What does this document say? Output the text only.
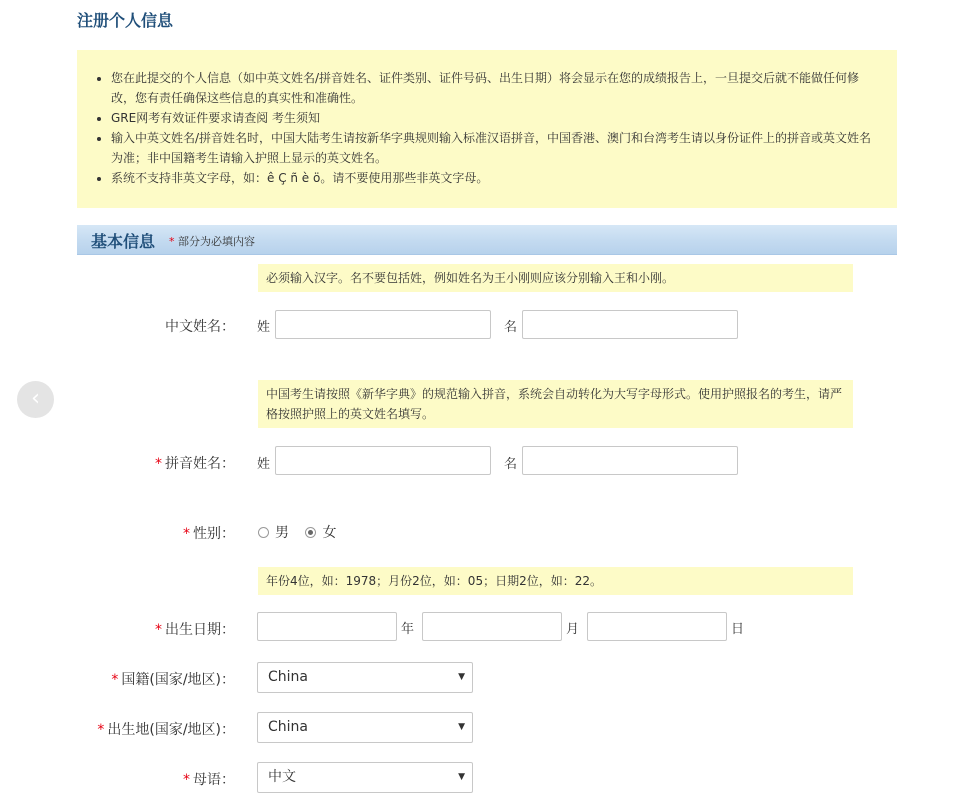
注册个人信息
• 您在此提交的个人信息（如中英文姓名/拼音姓名、证件类别、证件号码、出生日期）将会显示在您的成绩报告上，一旦提交后就不能做任何修改，您有责任确保这些信息的真实性和准确性。
• GRE网考有效证件要求请查阅 考生须知
• 输入中英文姓名/拼音姓名时，中国大陆考生请按新华字典规则输入标准汉语拼音，中国香港、澳门和台湾考生请以身份证件上的拼音或英文姓名为准；非中国籍考生请输入护照上显示的英文姓名。
• 系统不支持非英文字母，如：ê Ç ñ è ö。请不要使用那些非英文字母。
基本信息 * 部分为必填内容
‹
必须输入汉字。名不要包括姓，例如姓名为王小刚则应该分别输入王和小刚。
中文姓名： 姓	名
中国考生请按照《新华字典》的规范输入拼音，系统会自动转化为大写字母形式。使用护照报名的考生，请严格按照护照上的英文姓名填写。
* 拼音姓名： 姓	名
* 性别：	男 女
年份4位，如：1978；月份2位，如：05；日期2位，如：22。
* 出生日期：	年	月	日
* 国籍(国家/地区)：	China	▼
* 出生地(国家/地区)：	China	▼
* 母语：	中文	▼
